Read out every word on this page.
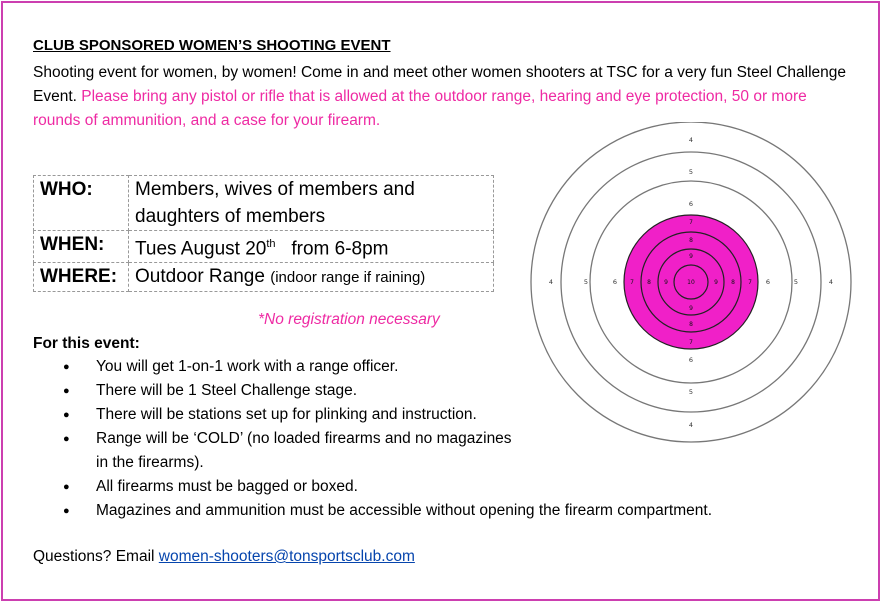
CLUB SPONSORED WOMEN’S SHOOTING EVENT
Shooting event for women, by women! Come in and meet other women shooters at TSC for a very fun Steel Challenge Event. Please bring any pistol or rifle that is allowed at the outdoor range, hearing and eye protection, 50 or more rounds of ammunition, and a case for your firearm.
WHO:	Members, wives of members and daughters of members
WHEN:	Tues August 20th   from 6-8pm
WHERE:	Outdoor Range (indoor range if raining)
*No registration necessary
For this event:
● You will get 1-on-1 work with a range officer.
● There will be 1 Steel Challenge stage.
● There will be stations set up for plinking and instruction.
● Range will be ‘COLD’ (no loaded firearms and no magazines in the firearms).
● All firearms must be bagged or boxed.
● Magazines and ammunition must be accessible without opening the firearm compartment.
Questions? Email women-shooters@tonsportsclub.com
4
4
4	4
5
5
5	5
6
6
6	6
7
7
7	7
8
8
8	8
9
9
9	9
10
